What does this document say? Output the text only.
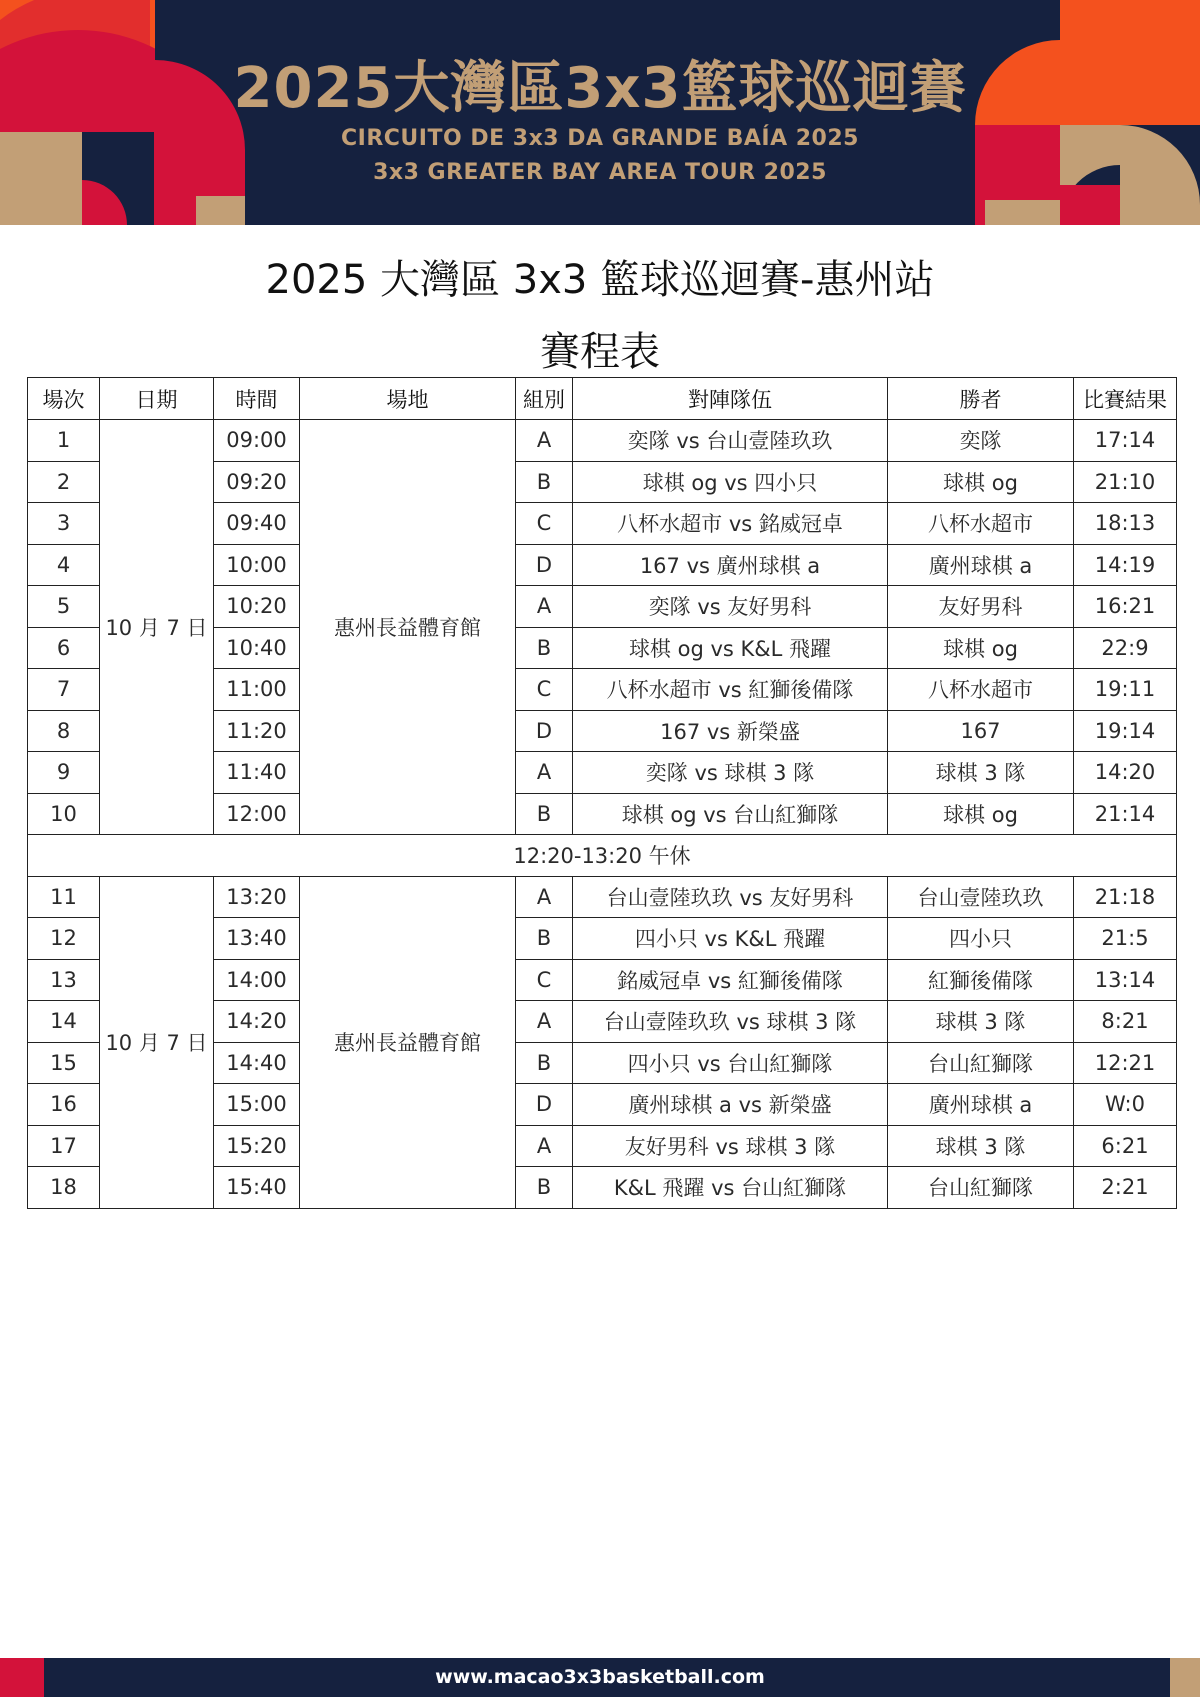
2025大灣區3x3籃球巡迴賽
CIRCUITO DE 3x3 DA GRANDE BAÍA 2025
3x3 GREATER BAY AREA TOUR 2025
2025 大灣區 3x3 籃球巡迴賽-惠州站
賽程表
場次	日期	時間	場地	組別	對陣隊伍	勝者	比賽結果
1	10 月 7 日	09:00	惠州長益體育館	A	奕隊 vs 台山壹陸玖玖	奕隊	17:14
2		09:20		B	球棋 og vs 四小只	球棋 og	21:10
3		09:40		C	八杯水超市 vs 銘威冠卓	八杯水超市	18:13
4		10:00		D	167 vs 廣州球棋 a	廣州球棋 a	14:19
5		10:20		A	奕隊 vs 友好男科	友好男科	16:21
6		10:40		B	球棋 og vs K&L 飛躍	球棋 og	22:9
7		11:00		C	八杯水超市 vs 紅獅後備隊	八杯水超市	19:11
8		11:20		D	167 vs 新榮盛	167	19:14
9		11:40		A	奕隊 vs 球棋 3 隊	球棋 3 隊	14:20
10		12:00		B	球棋 og vs 台山紅獅隊	球棋 og	21:14
12:20-13:20 午休							
11	10 月 7 日	13:20	惠州長益體育館	A	台山壹陸玖玖 vs 友好男科	台山壹陸玖玖	21:18
12		13:40		B	四小只 vs K&L 飛躍	四小只	21:5
13		14:00		C	銘威冠卓 vs 紅獅後備隊	紅獅後備隊	13:14
14		14:20		A	台山壹陸玖玖 vs 球棋 3 隊	球棋 3 隊	8:21
15		14:40		B	四小只 vs 台山紅獅隊	台山紅獅隊	12:21
16		15:00		D	廣州球棋 a vs 新榮盛	廣州球棋 a	W:0
17		15:20		A	友好男科 vs 球棋 3 隊	球棋 3 隊	6:21
18		15:40		B	K&L 飛躍 vs 台山紅獅隊	台山紅獅隊	2:21
www.macao3x3basketball.com
